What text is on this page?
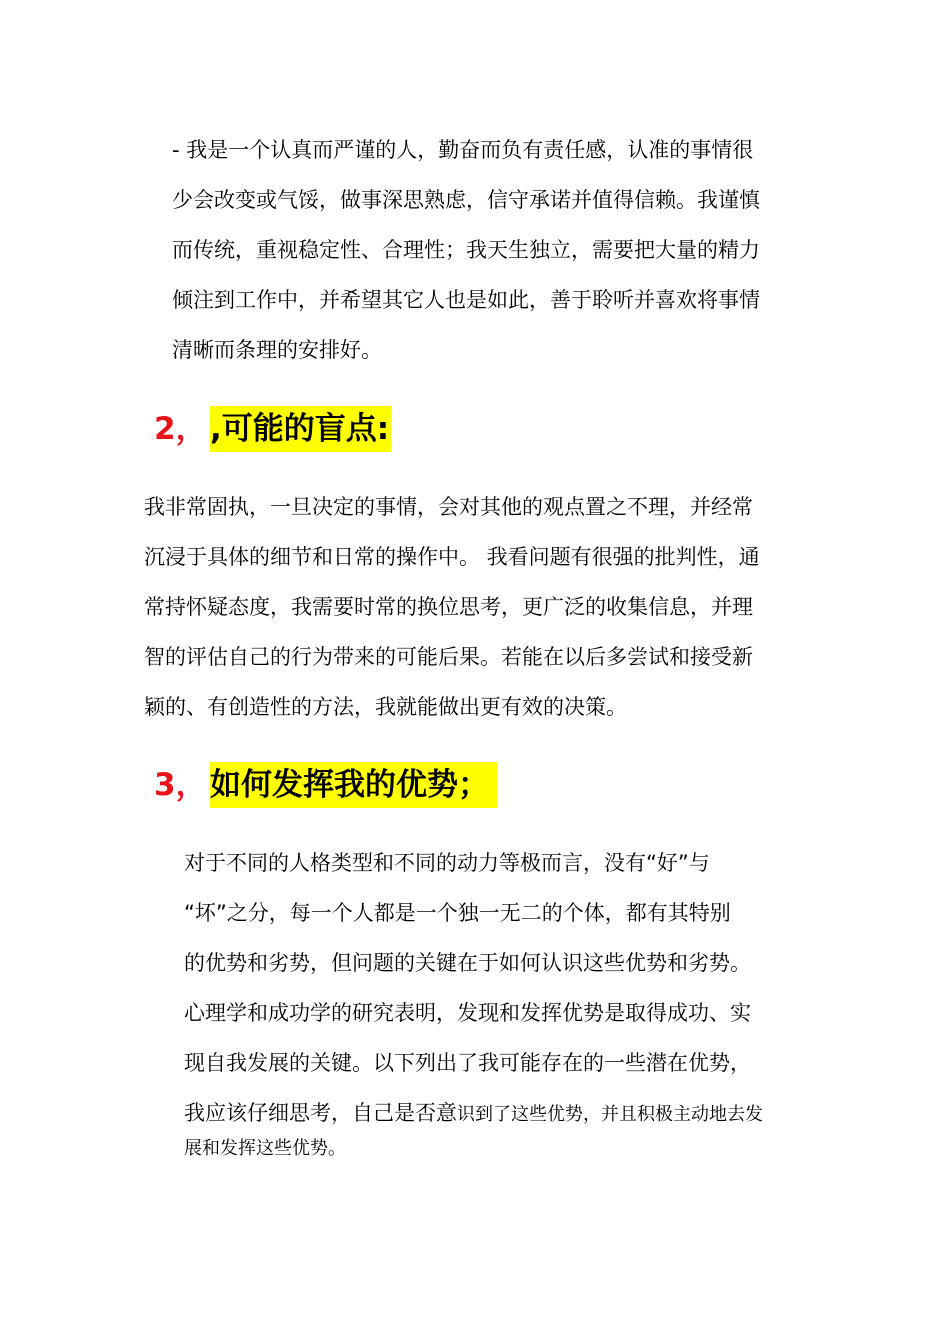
- 我是一个认真而严谨的人，勤奋而负有责任感，认准的事情很
少会改变或气馁，做事深思熟虑，信守承诺并值得信赖。我谨慎
而传统，重视稳定性、合理性；我天生独立，需要把大量的精力
倾注到工作中，并希望其它人也是如此，善于聆听并喜欢将事情
清晰而条理的安排好。
2， ,可能的盲点:
我非常固执，一旦决定的事情，会对其他的观点置之不理，并经常
沉浸于具体的细节和日常的操作中。 我看问题有很强的批判性，通
常持怀疑态度，我需要时常的换位思考，更广泛的收集信息，并理
智的评估自己的行为带来的可能后果。若能在以后多尝试和接受新
颖的、有创造性的方法，我就能做出更有效的决策。
3， 如何发挥我的优势；
对于不同的人格类型和不同的动力等极而言，没有“好”与
“坏”之分，每一个人都是一个独一无二的个体，都有其特别
的优势和劣势，但问题的关键在于如何认识这些优势和劣势。
心理学和成功学的研究表明，发现和发挥优势是取得成功、实
现自我发展的关键。以下列出了我可能存在的一些潜在优势，
我应该仔细思考，自己是否意识到了这些优势，并且积极主动地去发
展和发挥这些优势。
